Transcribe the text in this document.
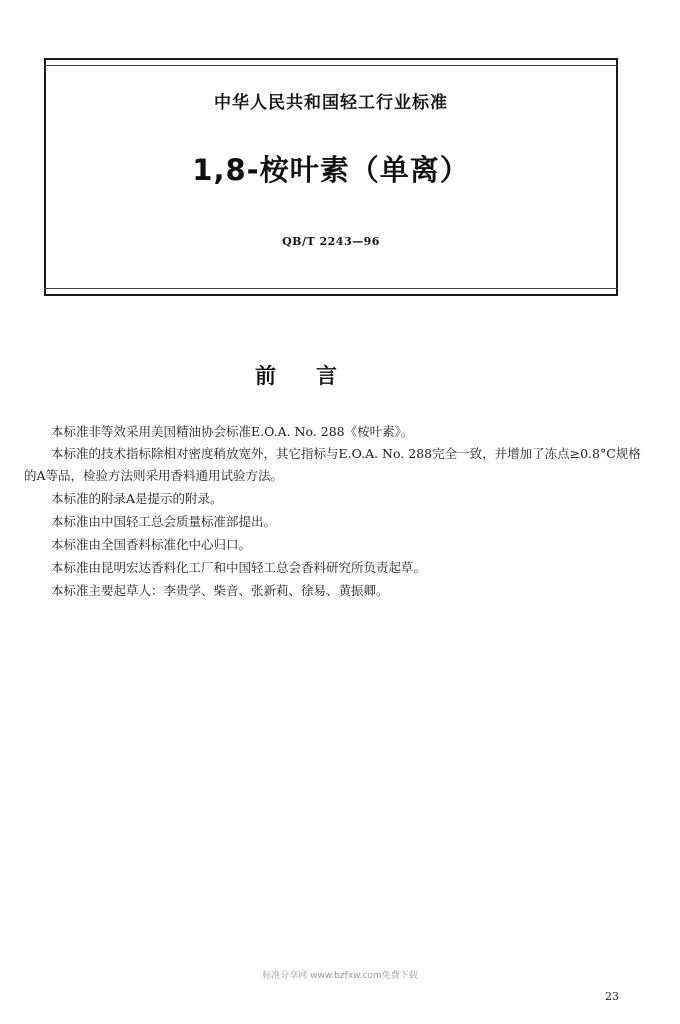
中华人民共和国轻工行业标准
1,8-桉叶素（单离）
QB/T 2243—96
前言

本标准非等效采用美国精油协会标准E.O.A. No. 288《桉叶素》。

本标准的技术指标除相对密度稍放宽外，其它指标与E.O.A. No. 288完全一致，并增加了冻点≥0.8°C规格的A等品，检验方法则采用香料通用试验方法。

本标准的附录A是提示的附录。

本标准由中国轻工总会质量标准部提出。

本标准由全国香料标准化中心归口。

本标准由昆明宏达香料化工厂和中国轻工总会香料研究所负责起草。

本标准主要起草人：李贵学、柴音、张新莉、徐易、黄振卿。

标准分享网 www.bzfxw.com免费下载
23
